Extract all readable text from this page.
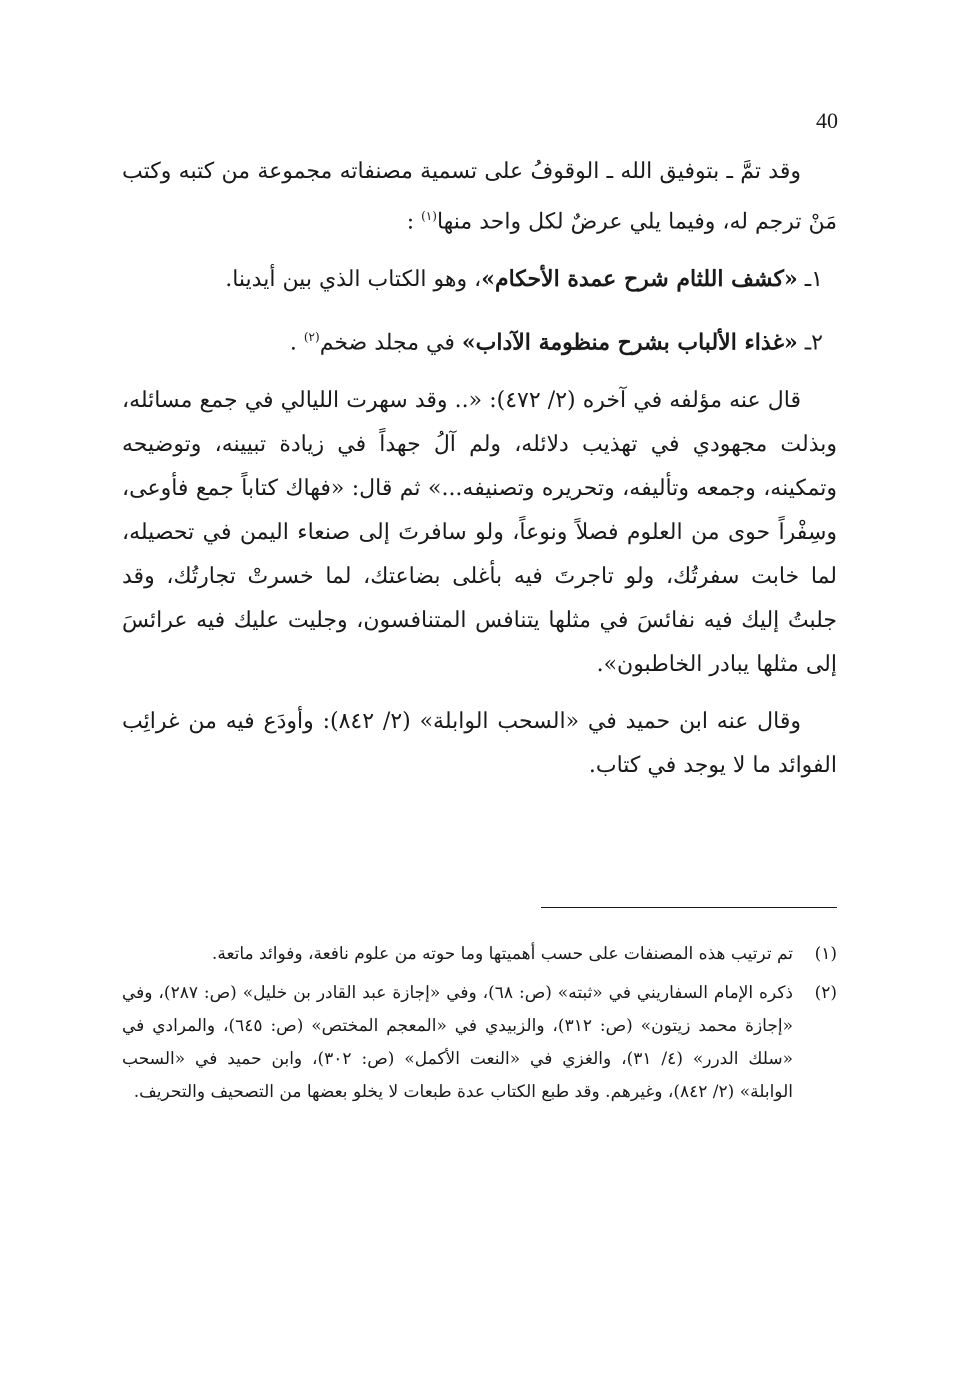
40

وقد تمَّ ـ بتوفيق الله ـ الوقوفُ على تسمية مصنفاته مجموعة من كتبه وكتب مَنْ ترجم له، وفيما يلي عرضٌ لكل واحد منها$^{(١)}$ :

١ـ «كشف اللثام شرح عمدة الأحكام»، وهو الكتاب الذي بين أيدينا.

٢ـ «غذاء الألباب بشرح منظومة الآداب» في مجلد ضخم$^{(٢)}$ .

قال عنه مؤلفه في آخره (٢/ ٤٧٢): «.. وقد سهرت الليالي في جمع مسائله، وبذلت مجهودي في تهذيب دلائله، ولم آلُ جهداً في زيادة تبيينه، وتوضيحه وتمكينه، وجمعه وتأليفه، وتحريره وتصنيفه...» ثم قال: «فهاك كتاباً جمع فأوعى، وسِفْراً حوى من العلوم فصلاً ونوعاً، ولو سافرتَ إلى صنعاء اليمن في تحصيله، لما خابت سفرتُك، ولو تاجرتَ فيه بأغلى بضاعتك، لما خسرتْ تجارتُك، وقد جلبتُ إليك فيه نفائسَ في مثلها يتنافس المتنافسون، وجليت عليك فيه عرائسَ إلى مثلها يبادر الخاطبون».

وقال عنه ابن حميد في «السحب الوابلة» (٢/ ٨٤٢): وأودَع فيه من غرائِب الفوائد ما لا يوجد في كتاب.

(١)
تم ترتيب هذه المصنفات على حسب أهميتها وما حوته من علوم نافعة، وفوائد ماتعة.
(٢)
ذكره الإمام السفاريني في «ثبته» (ص: ٦٨)، وفي «إجازة عبد القادر بن خليل» (ص: ٢٨٧)، وفي «إجازة محمد زيتون» (ص: ٣١٢)، والزبيدي في «المعجم المختص» (ص: ٦٤٥)، والمرادي في «سلك الدرر» (٤/ ٣١)، والغزي في «النعت الأكمل» (ص: ٣٠٢)، وابن حميد في «السحب الوابلة» (٢/ ٨٤٢)، وغيرهم. وقد طبع الكتاب عدة طبعات لا يخلو بعضها من التصحيف والتحريف.
